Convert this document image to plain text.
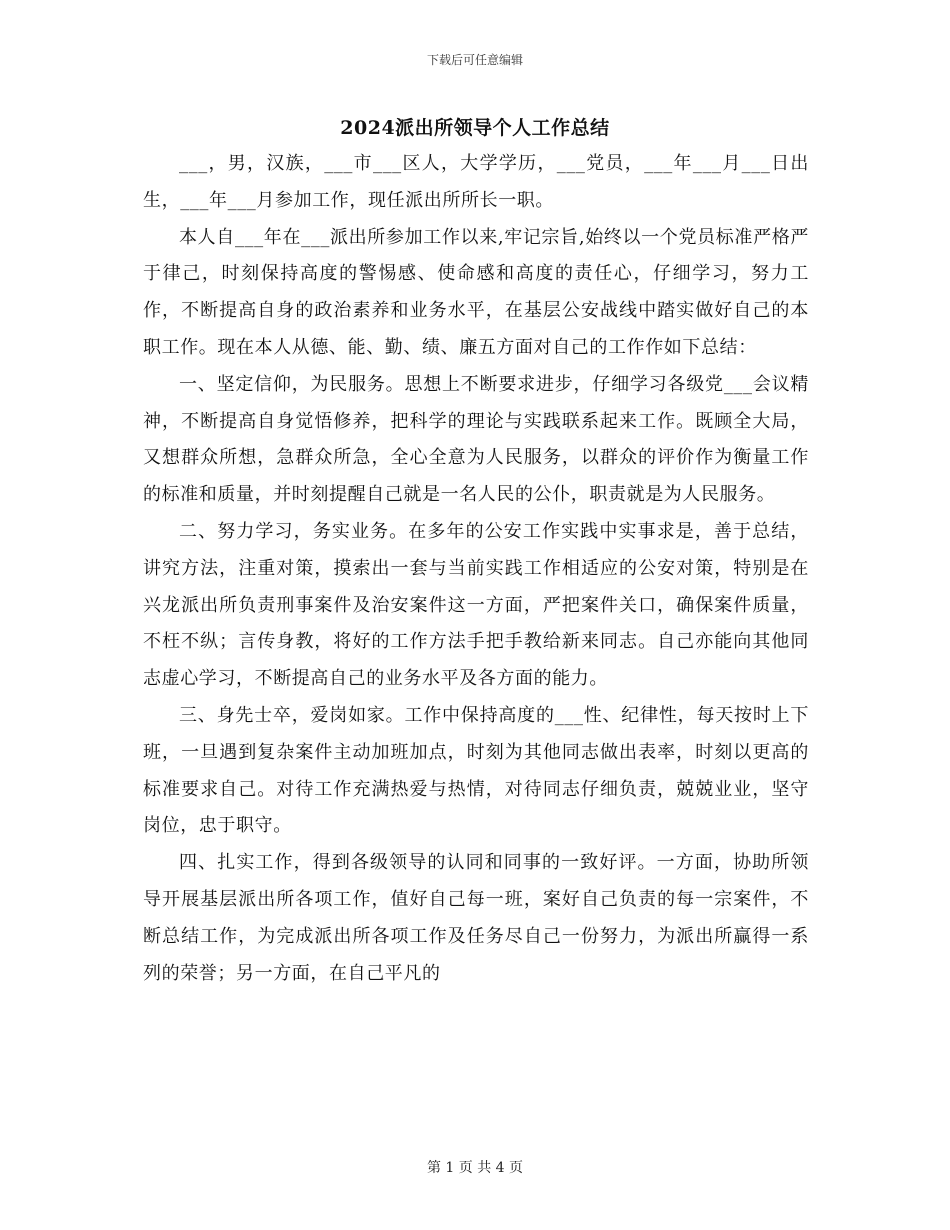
下载后可任意编辑
2024派出所领导个人工作总结

___，男，汉族，___市___区人，大学学历，___党员，___年___月___日出生，___年___月参加工作，现任派出所所长一职。

本人自___年在___派出所参加工作以来,牢记宗旨,始终以一个党员标准严格严于律己，时刻保持高度的警惕感、使命感和高度的责任心，仔细学习，努力工作，不断提高自身的政治素养和业务水平，在基层公安战线中踏实做好自己的本职工作。现在本人从德、能、勤、绩、廉五方面对自己的工作作如下总结：

一、坚定信仰，为民服务。思想上不断要求进步，仔细学习各级党___会议精神，不断提高自身觉悟修养，把科学的理论与实践联系起来工作。既顾全大局，又想群众所想，急群众所急，全心全意为人民服务，以群众的评价作为衡量工作的标准和质量，并时刻提醒自己就是一名人民的公仆，职责就是为人民服务。

二、努力学习，务实业务。在多年的公安工作实践中实事求是，善于总结，讲究方法，注重对策，摸索出一套与当前实践工作相适应的公安对策，特别是在兴龙派出所负责刑事案件及治安案件这一方面，严把案件关口，确保案件质量，不枉不纵；言传身教，将好的工作方法手把手教给新来同志。自己亦能向其他同志虚心学习，不断提高自己的业务水平及各方面的能力。

三、身先士卒，爱岗如家。工作中保持高度的___性、纪律性，每天按时上下班，一旦遇到复杂案件主动加班加点，时刻为其他同志做出表率，时刻以更高的标准要求自己。对待工作充满热爱与热情，对待同志仔细负责，兢兢业业，坚守岗位，忠于职守。

四、扎实工作，得到各级领导的认同和同事的一致好评。一方面，协助所领导开展基层派出所各项工作，值好自己每一班，案好自己负责的每一宗案件，不断总结工作，为完成派出所各项工作及任务尽自己一份努力，为派出所赢得一系列的荣誉；另一方面，在自己平凡的

第 1 页 共 4 页
